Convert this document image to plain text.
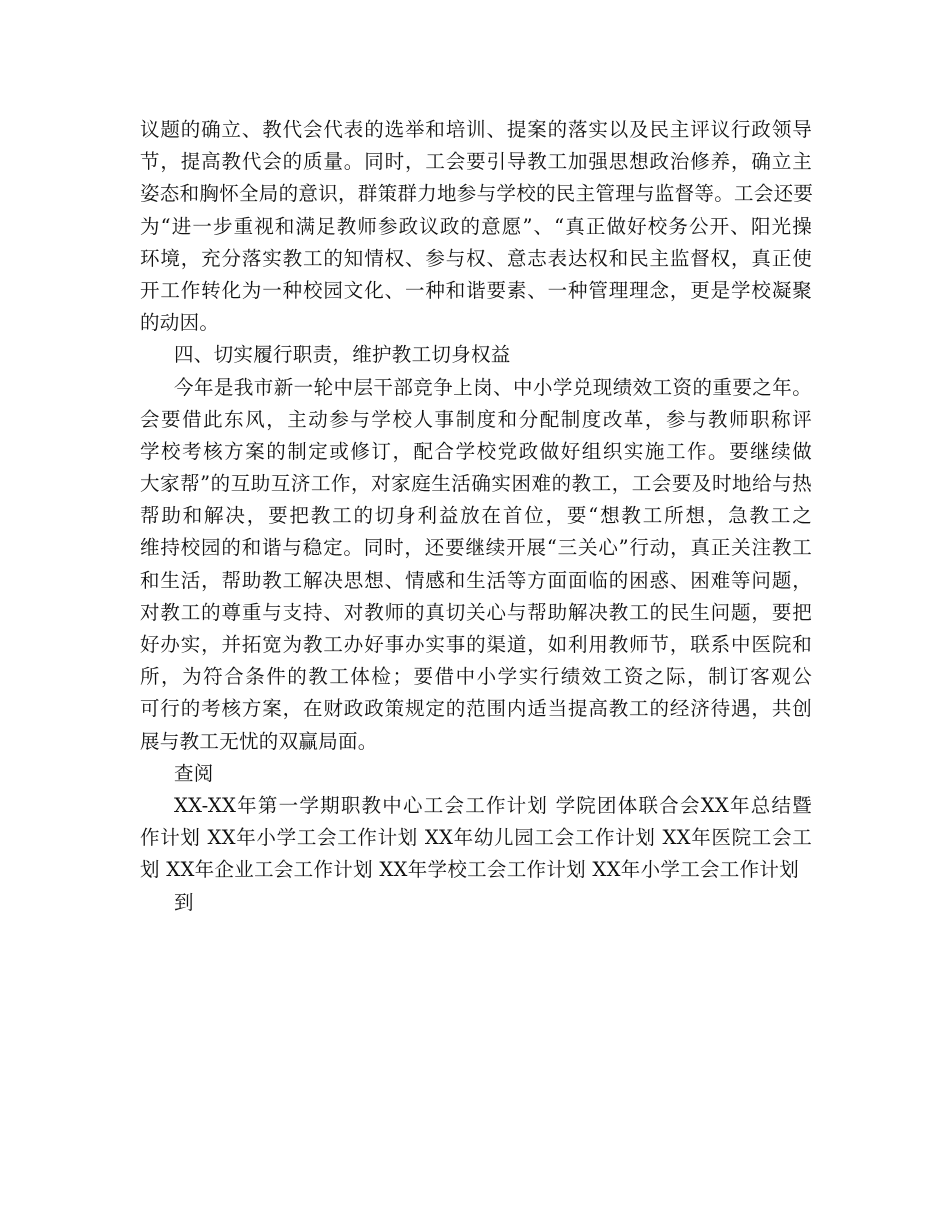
议题的确立、教代会代表的选举和培训、提案的落实以及民主评议行政领导
节，提高教代会的质量。同时，工会要引导教工加强思想政治修养，确立主
姿态和胸怀全局的意识，群策群力地参与学校的民主管理与监督等。工会还要
为“进一步重视和满足教师参政议政的意愿”、“真正做好校务公开、阳光操
环境，充分落实教工的知情权、参与权、意志表达权和民主监督权，真正使
开工作转化为一种校园文化、一种和谐要素、一种管理理念，更是学校凝聚
的动因。
四、切实履行职责，维护教工切身权益
今年是我市新一轮中层干部竞争上岗、中小学兑现绩效工资的重要之年。
会要借此东风，主动参与学校人事制度和分配制度改革，参与教师职称评
学校考核方案的制定或修订，配合学校党政做好组织实施工作。要继续做
大家帮”的互助互济工作，对家庭生活确实困难的教工，工会要及时地给与热
帮助和解决，要把教工的切身利益放在首位，要“想教工所想，急教工之
维持校园的和谐与稳定。同时，还要继续开展“三关心”行动，真正关注教工
和生活，帮助教工解决思想、情感和生活等方面面临的困惑、困难等问题，
对教工的尊重与支持、对教师的真切关心与帮助解决教工的民生问题，要把
好办实，并拓宽为教工办好事办实事的渠道，如利用教师节，联系中医院和
所，为符合条件的教工体检；要借中小学实行绩效工资之际，制订客观公
可行的考核方案，在财政政策规定的范围内适当提高教工的经济待遇，共创
展与教工无忧的双赢局面。
查阅
XX-XX年第一学期职教中心工会工作计划 学院团体联合会XX年总结暨
作计划 XX年小学工会工作计划 XX年幼儿园工会工作计划 XX年医院工会工
划 XX年企业工会工作计划 XX年学校工会工作计划 XX年小学工会工作计划
到
